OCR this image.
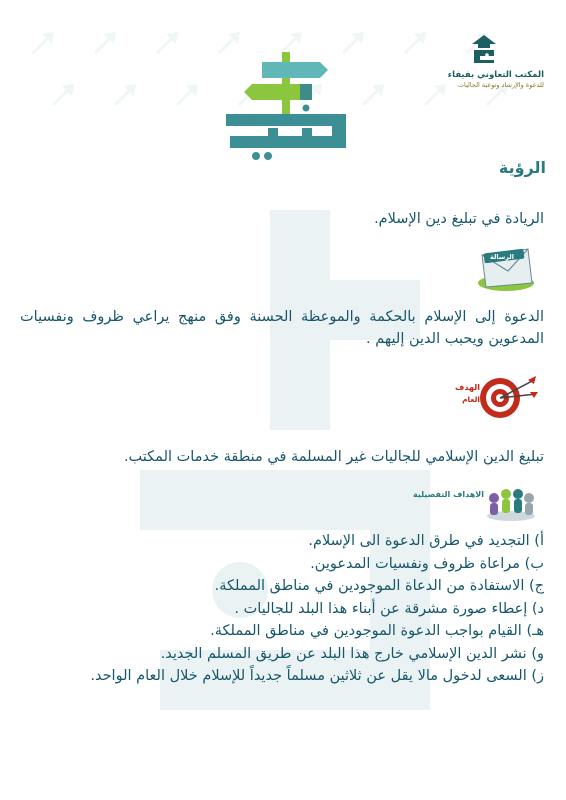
المكتب التعاوني بفيفاء
للدعوة والإرشاد وتوعية الجاليات
الرؤية
الريادة في تبليغ دين الإسلام.
الرسالة
الدعوة إلى الإسلام بالحكمة والموعظة الحسنة وفق منهج يراعي ظروف ونفسيات المدعوين ويحبب الدين إليهم .
الهدف
العام
تبليغ الدين الإسلامي للجاليات غير المسلمة في منطقة خدمات المكتب.
الاهداف التفصيلية
أ) التجديد في طرق الدعوة الى الإسلام.
ب) مراعاة ظروف ونفسيات المدعوين.
ج) الاستفادة من الدعاة الموجودين في مناطق المملكة.
د) إعطاء صورة مشرقة عن أبناء هذا البلد للجاليات .
هـ) القيام بواجب الدعوة الموجودين في مناطق المملكة.
و) نشر الدين الإسلامي خارج هذا البلد عن طريق المسلم الجديد.
ز) السعى لدخول مالا يقل عن ثلاثين مسلماً جديداً للإسلام خلال العام الواحد.
